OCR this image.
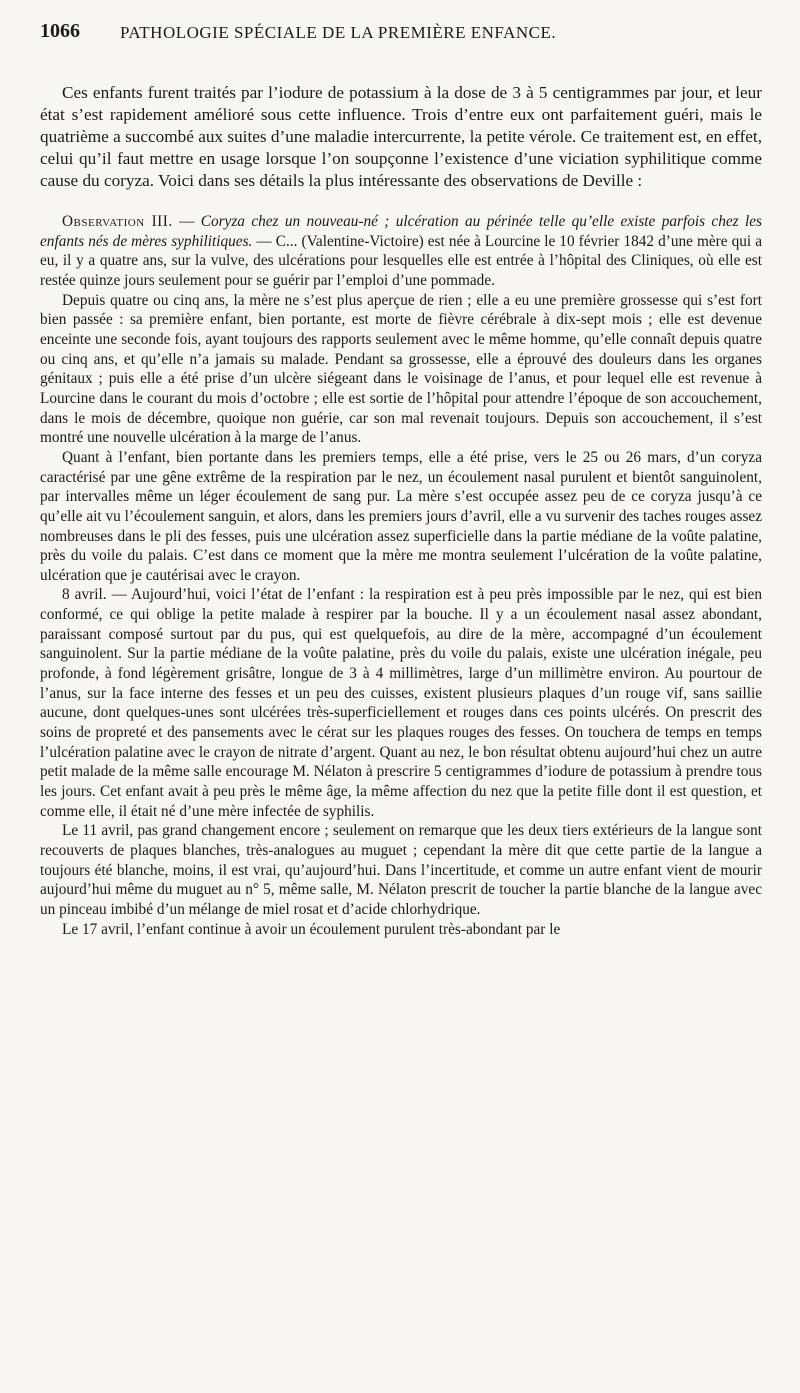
1066 PATHOLOGIE SPÉCIALE DE LA PREMIÈRE ENFANCE.

Ces enfants furent traités par l’iodure de potassium à la dose de 3 à 5 centigrammes par jour, et leur état s’est rapidement amélioré sous cette influence. Trois d’entre eux ont parfaitement guéri, mais le quatrième a succombé aux suites d’une maladie intercurrente, la petite vérole. Ce traitement est, en effet, celui qu’il faut mettre en usage lorsque l’on soupçonne l’existence d’une viciation syphilitique comme cause du coryza. Voici dans ses détails la plus intéressante des observations de Deville :

Observation III. — Coryza chez un nouveau-né ; ulcération au périnée telle qu’elle existe parfois chez les enfants nés de mères syphilitiques. — C... (Valentine-Victoire) est née à Lourcine le 10 février 1842 d’une mère qui a eu, il y a quatre ans, sur la vulve, des ulcérations pour lesquelles elle est entrée à l’hôpital des Cliniques, où elle est restée quinze jours seulement pour se guérir par l’emploi d’une pommade.

Depuis quatre ou cinq ans, la mère ne s’est plus aperçue de rien ; elle a eu une première grossesse qui s’est fort bien passée : sa première enfant, bien portante, est morte de fièvre cérébrale à dix-sept mois ; elle est devenue enceinte une seconde fois, ayant toujours des rapports seulement avec le même homme, qu’elle connaît depuis quatre ou cinq ans, et qu’elle n’a jamais su malade. Pendant sa grossesse, elle a éprouvé des douleurs dans les organes génitaux ; puis elle a été prise d’un ulcère siégeant dans le voisinage de l’anus, et pour lequel elle est revenue à Lourcine dans le courant du mois d’octobre ; elle est sortie de l’hôpital pour attendre l’époque de son accouchement, dans le mois de décembre, quoique non guérie, car son mal revenait toujours. Depuis son accouchement, il s’est montré une nouvelle ulcération à la marge de l’anus.

Quant à l’enfant, bien portante dans les premiers temps, elle a été prise, vers le 25 ou 26 mars, d’un coryza caractérisé par une gêne extrême de la respiration par le nez, un écoulement nasal purulent et bientôt sanguinolent, par intervalles même un léger écoulement de sang pur. La mère s’est occupée assez peu de ce coryza jusqu’à ce qu’elle ait vu l’écoulement sanguin, et alors, dans les premiers jours d’avril, elle a vu survenir des taches rouges assez nombreuses dans le pli des fesses, puis une ulcération assez superficielle dans la partie médiane de la voûte palatine, près du voile du palais. C’est dans ce moment que la mère me montra seulement l’ulcération de la voûte palatine, ulcération que je cautérisai avec le crayon.

8 avril. — Aujourd’hui, voici l’état de l’enfant : la respiration est à peu près impossible par le nez, qui est bien conformé, ce qui oblige la petite malade à respirer par la bouche. Il y a un écoulement nasal assez abondant, paraissant composé surtout par du pus, qui est quelquefois, au dire de la mère, accompagné d’un écoulement sanguinolent. Sur la partie médiane de la voûte palatine, près du voile du palais, existe une ulcération inégale, peu profonde, à fond légèrement grisâtre, longue de 3 à 4 millimètres, large d’un millimètre environ. Au pourtour de l’anus, sur la face interne des fesses et un peu des cuisses, existent plusieurs plaques d’un rouge vif, sans saillie aucune, dont quelques-unes sont ulcérées très-superficiellement et rouges dans ces points ulcérés. On prescrit des soins de propreté et des pansements avec le cérat sur les plaques rouges des fesses. On touchera de temps en temps l’ulcération palatine avec le crayon de nitrate d’argent. Quant au nez, le bon résultat obtenu aujourd’hui chez un autre petit malade de la même salle encourage M. Nélaton à prescrire 5 centigrammes d’iodure de potassium à prendre tous les jours. Cet enfant avait à peu près le même âge, la même affection du nez que la petite fille dont il est question, et comme elle, il était né d’une mère infectée de syphilis.

Le 11 avril, pas grand changement encore ; seulement on remarque que les deux tiers extérieurs de la langue sont recouverts de plaques blanches, très-analogues au muguet ; cependant la mère dit que cette partie de la langue a toujours été blanche, moins, il est vrai, qu’aujourd’hui. Dans l’incertitude, et comme un autre enfant vient de mourir aujourd’hui même du muguet au n° 5, même salle, M. Nélaton prescrit de toucher la partie blanche de la langue avec un pinceau imbibé d’un mélange de miel rosat et d’acide chlorhydrique.

Le 17 avril, l’enfant continue à avoir un écoulement purulent très-abondant par le
